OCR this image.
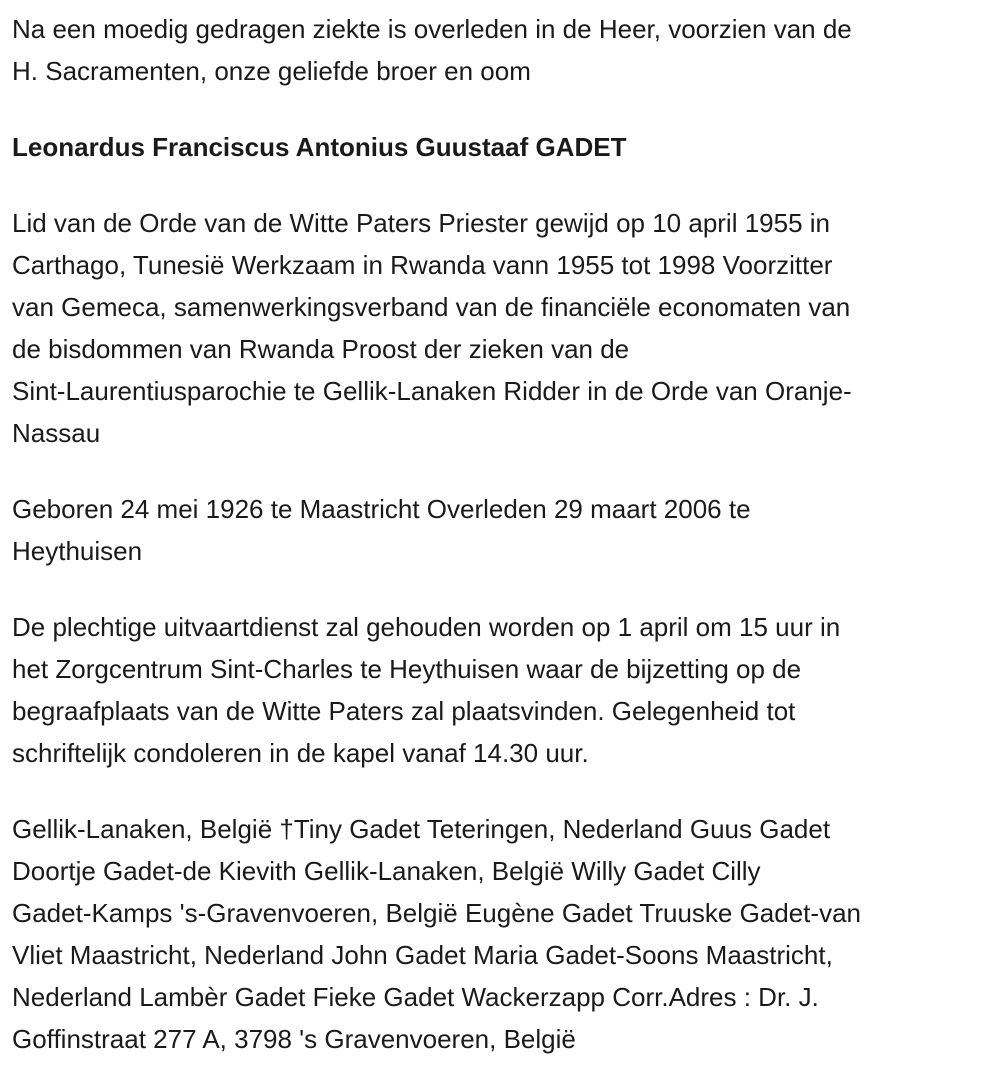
Na een moedig gedragen ziekte is overleden in de Heer, voorzien van de
H. Sacramenten, onze geliefde broer en oom
Leonardus Franciscus Antonius Guustaaf GADET
Lid van de Orde van de Witte Paters Priester gewijd op 10 april 1955 in
Carthago, Tunesië Werkzaam in Rwanda vann 1955 tot 1998 Voorzitter
van Gemeca, samenwerkingsverband van de financiële economaten van
de bisdommen van Rwanda Proost der zieken van de
Sint-Laurentiusparochie te Gellik-Lanaken Ridder in de Orde van Oranje-
Nassau
Geboren 24 mei 1926 te Maastricht Overleden 29 maart 2006 te
Heythuisen
De plechtige uitvaartdienst zal gehouden worden op 1 april om 15 uur in
het Zorgcentrum Sint-Charles te Heythuisen waar de bijzetting op de
begraafplaats van de Witte Paters zal plaatsvinden. Gelegenheid tot
schriftelijk condoleren in de kapel vanaf 14.30 uur.
Gellik-Lanaken, België †Tiny Gadet Teteringen, Nederland Guus Gadet
Doortje Gadet-de Kievith Gellik-Lanaken, België Willy Gadet Cilly
Gadet-Kamps 's-Gravenvoeren, België Eugène Gadet Truuske Gadet-van
Vliet Maastricht, Nederland John Gadet Maria Gadet-Soons Maastricht,
Nederland Lambèr Gadet Fieke Gadet Wackerzapp Corr.Adres : Dr. J.
Goffinstraat 277 A, 3798 's Gravenvoeren, België
